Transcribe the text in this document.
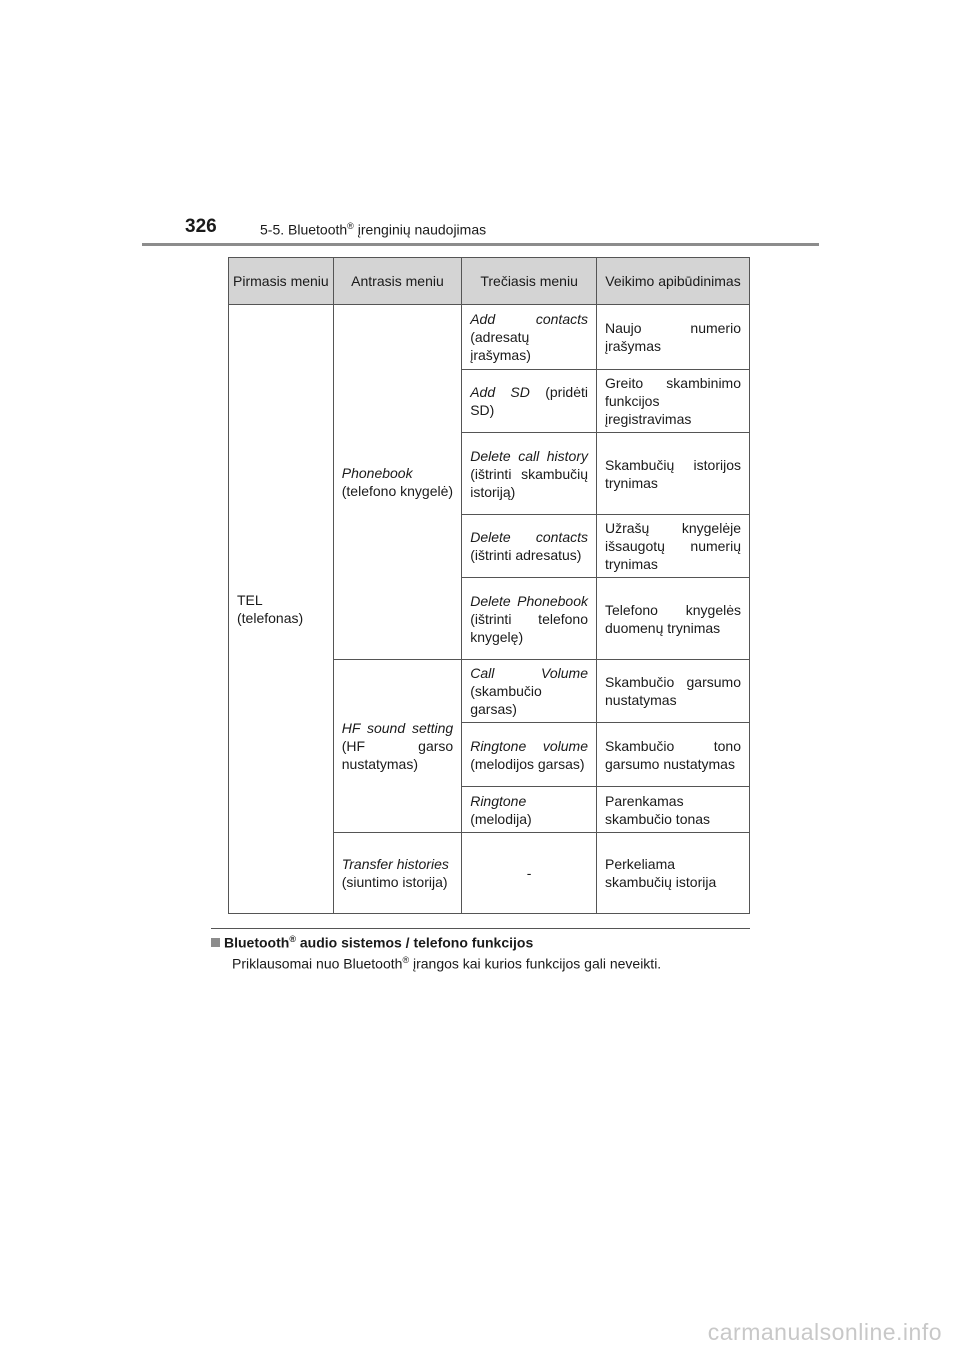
326	5-5. Bluetooth® įrenginių naudojimas
Pirmasis meniu	Antrasis meniu	Trečiasis meniu	Veikimo apibūdinimas
TEL (telefonas)	Phonebook (telefono knygelė)	Add contacts (adresatų įrašymas)	Naujo numerio įrašymas
		Add SD (pridėti SD)	Greito skambinimo funkcijos įregistravimas
		Delete call history (ištrinti skambučių istoriją)	Skambučių istorijos trynimas
		Delete contacts (ištrinti adresatus)	Užrašų knygelėje išsaugotų numerių trynimas
		Delete Phonebook (ištrinti telefono knygelę)	Telefono knygelės duomenų trynimas
	HF sound setting (HF garso nustatymas)	Call Volume (skambučio garsas)	Skambučio garsumo nustatymas
		Ringtone volume (melodijos garsas)	Skambučio tono garsumo nustatymas
		Ringtone (melodija)	Parenkamas skambučio tonas
	Transfer histories (siuntimo istorija)	-	Perkeliama skambučių istorija
Bluetooth® audio sistemos / telefono funkcijos
Priklausomai nuo Bluetooth® įrangos kai kurios funkcijos gali neveikti.
carmanualsonline.info
